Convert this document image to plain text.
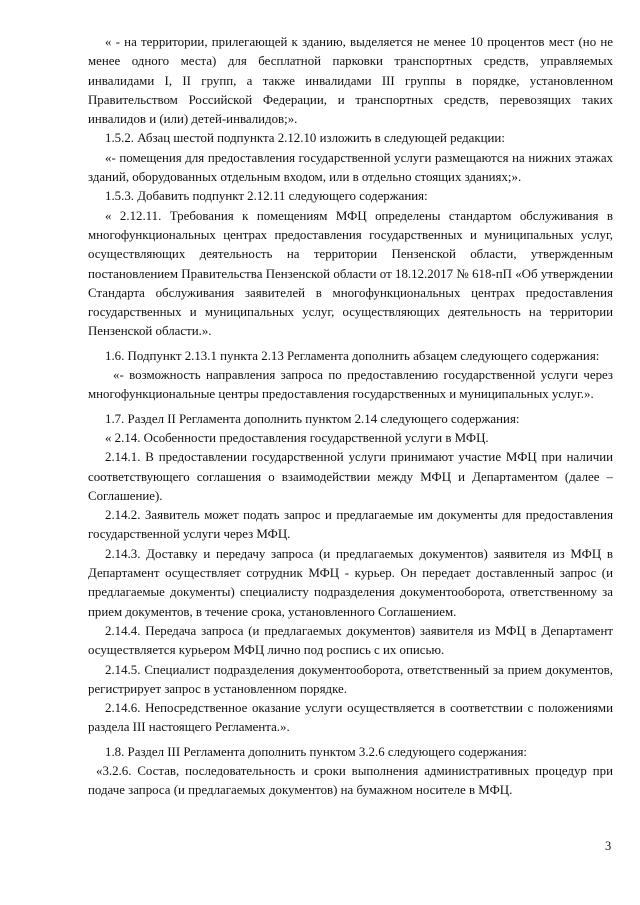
« - на территории, прилегающей к зданию, выделяется не менее 10 процентов мест (но не менее одного места) для бесплатной парковки транспортных средств, управляемых инвалидами I, II групп, а также инвалидами III группы в порядке, установленном Правительством Российской Федерации, и транспортных средств, перевозящих таких инвалидов и (или) детей-инвалидов;».

1.5.2. Абзац шестой подпункта 2.12.10 изложить в следующей редакции:

«- помещения для предоставления государственной услуги размещаются на нижних этажах зданий, оборудованных отдельным входом, или в отдельно стоящих зданиях;».

1.5.3. Добавить подпункт 2.12.11 следующего содержания:

« 2.12.11. Требования к помещениям МФЦ определены стандартом обслуживания в многофункциональных центрах предоставления государственных и муниципальных услуг, осуществляющих деятельность на территории Пензенской области, утвержденным постановлением Правительства Пензенской области от 18.12.2017 № 618-пП «Об утверждении Стандарта обслуживания заявителей в многофункциональных центрах предоставления государственных и муниципальных услуг, осуществляющих деятельность на территории Пензенской области.».

1.6. Подпункт 2.13.1 пункта 2.13 Регламента дополнить абзацем следующего содержания:

«- возможность направления запроса по предоставлению государственной услуги через многофункциональные центры предоставления государственных и муниципальных услуг.».

1.7. Раздел II Регламента дополнить пунктом 2.14 следующего содержания:

« 2.14. Особенности предоставления государственной услуги в МФЦ.

2.14.1. В предоставлении государственной услуги принимают участие МФЦ при наличии соответствующего соглашения о взаимодействии между МФЦ и Департаментом (далее – Соглашение).

2.14.2. Заявитель может подать запрос и предлагаемые им документы для предоставления государственной услуги через МФЦ.

2.14.3. Доставку и передачу запроса (и предлагаемых документов) заявителя из МФЦ в Департамент осуществляет сотрудник МФЦ - курьер. Он передает доставленный запрос (и предлагаемые документы) специалисту подразделения документооборота, ответственному за прием документов, в течение срока, установленного Соглашением.

2.14.4. Передача запроса (и предлагаемых документов) заявителя из МФЦ в Департамент осуществляется курьером МФЦ лично под роспись с их описью.

2.14.5. Специалист подразделения документооборота, ответственный за прием документов, регистрирует запрос в установленном порядке.

2.14.6. Непосредственное оказание услуги осуществляется в соответствии с положениями раздела III настоящего Регламента.».

1.8. Раздел III Регламента дополнить пунктом 3.2.6 следующего содержания:

«3.2.6. Состав, последовательность и сроки выполнения административных процедур при подаче запроса (и предлагаемых документов) на бумажном носителе в МФЦ.

3
